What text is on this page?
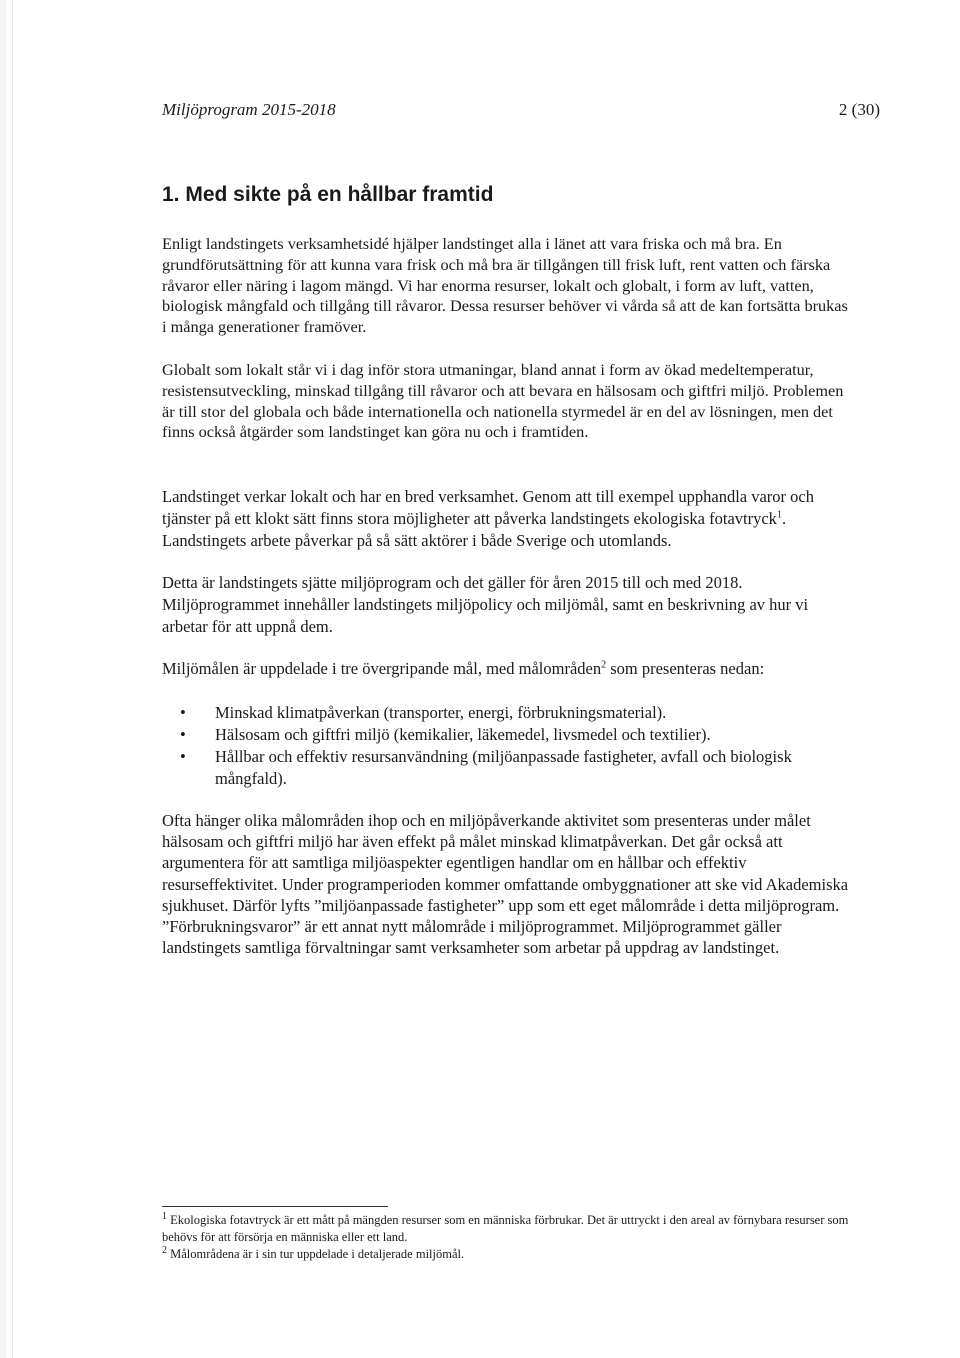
Miljöprogram 2015-2018	2 (30)
1. Med sikte på en hållbar framtid

Enligt landstingets verksamhetsidé hjälper landstinget alla i länet att vara friska och må bra. En grundförutsättning för att kunna vara frisk och må bra är tillgången till frisk luft, rent vatten och färska råvaror eller näring i lagom mängd. Vi har enorma resurser, lokalt och globalt, i form av luft, vatten, biologisk mångfald och tillgång till råvaror. Dessa resurser behöver vi vårda så att de kan fortsätta brukas i många generationer framöver.

Globalt som lokalt står vi i dag inför stora utmaningar, bland annat i form av ökad medeltemperatur, resistensutveckling, minskad tillgång till råvaror och att bevara en hälsosam och giftfri miljö. Problemen är till stor del globala och både internationella och nationella styrmedel är en del av lösningen, men det finns också åtgärder som landstinget kan göra nu och i framtiden.

Landstinget verkar lokalt och har en bred verksamhet. Genom att till exempel upphandla varor och tjänster på ett klokt sätt finns stora möjligheter att påverka landstingets ekologiska fotavtryck$^1$. Landstingets arbete påverkar på så sätt aktörer i både Sverige och utomlands.

Detta är landstingets sjätte miljöprogram och det gäller för åren 2015 till och med 2018. Miljöprogrammet innehåller landstingets miljöpolicy och miljömål, samt en beskrivning av hur vi arbetar för att uppnå dem.

Miljömålen är uppdelade i tre övergripande mål, med målområden$^2$ som presenteras nedan:

• Minskad klimatpåverkan (transporter, energi, förbrukningsmaterial).
• Hälsosam och giftfri miljö (kemikalier, läkemedel, livsmedel och textilier).
• Hållbar och effektiv resursanvändning (miljöanpassade fastigheter, avfall och biologisk mångfald).

Ofta hänger olika målområden ihop och en miljöpåverkande aktivitet som presenteras under målet hälsosam och giftfri miljö har även effekt på målet minskad klimatpåverkan. Det går också att argumentera för att samtliga miljöaspekter egentligen handlar om en hållbar och effektiv resurseffektivitet. Under programperioden kommer omfattande ombyggnationer att ske vid Akademiska sjukhuset. Därför lyfts ”miljöanpassade fastigheter” upp som ett eget målområde i detta miljöprogram. ”Förbrukningsvaror” är ett annat nytt målområde i miljöprogrammet. Miljöprogrammet gäller landstingets samtliga förvaltningar samt verksamheter som arbetar på uppdrag av landstinget.

$^1$ Ekologiska fotavtryck är ett mått på mängden resurser som en människa förbrukar. Det är uttryckt i den areal av förnybara resurser som behövs för att försörja en människa eller ett land.

$^2$ Målområdena är i sin tur uppdelade i detaljerade miljömål.
